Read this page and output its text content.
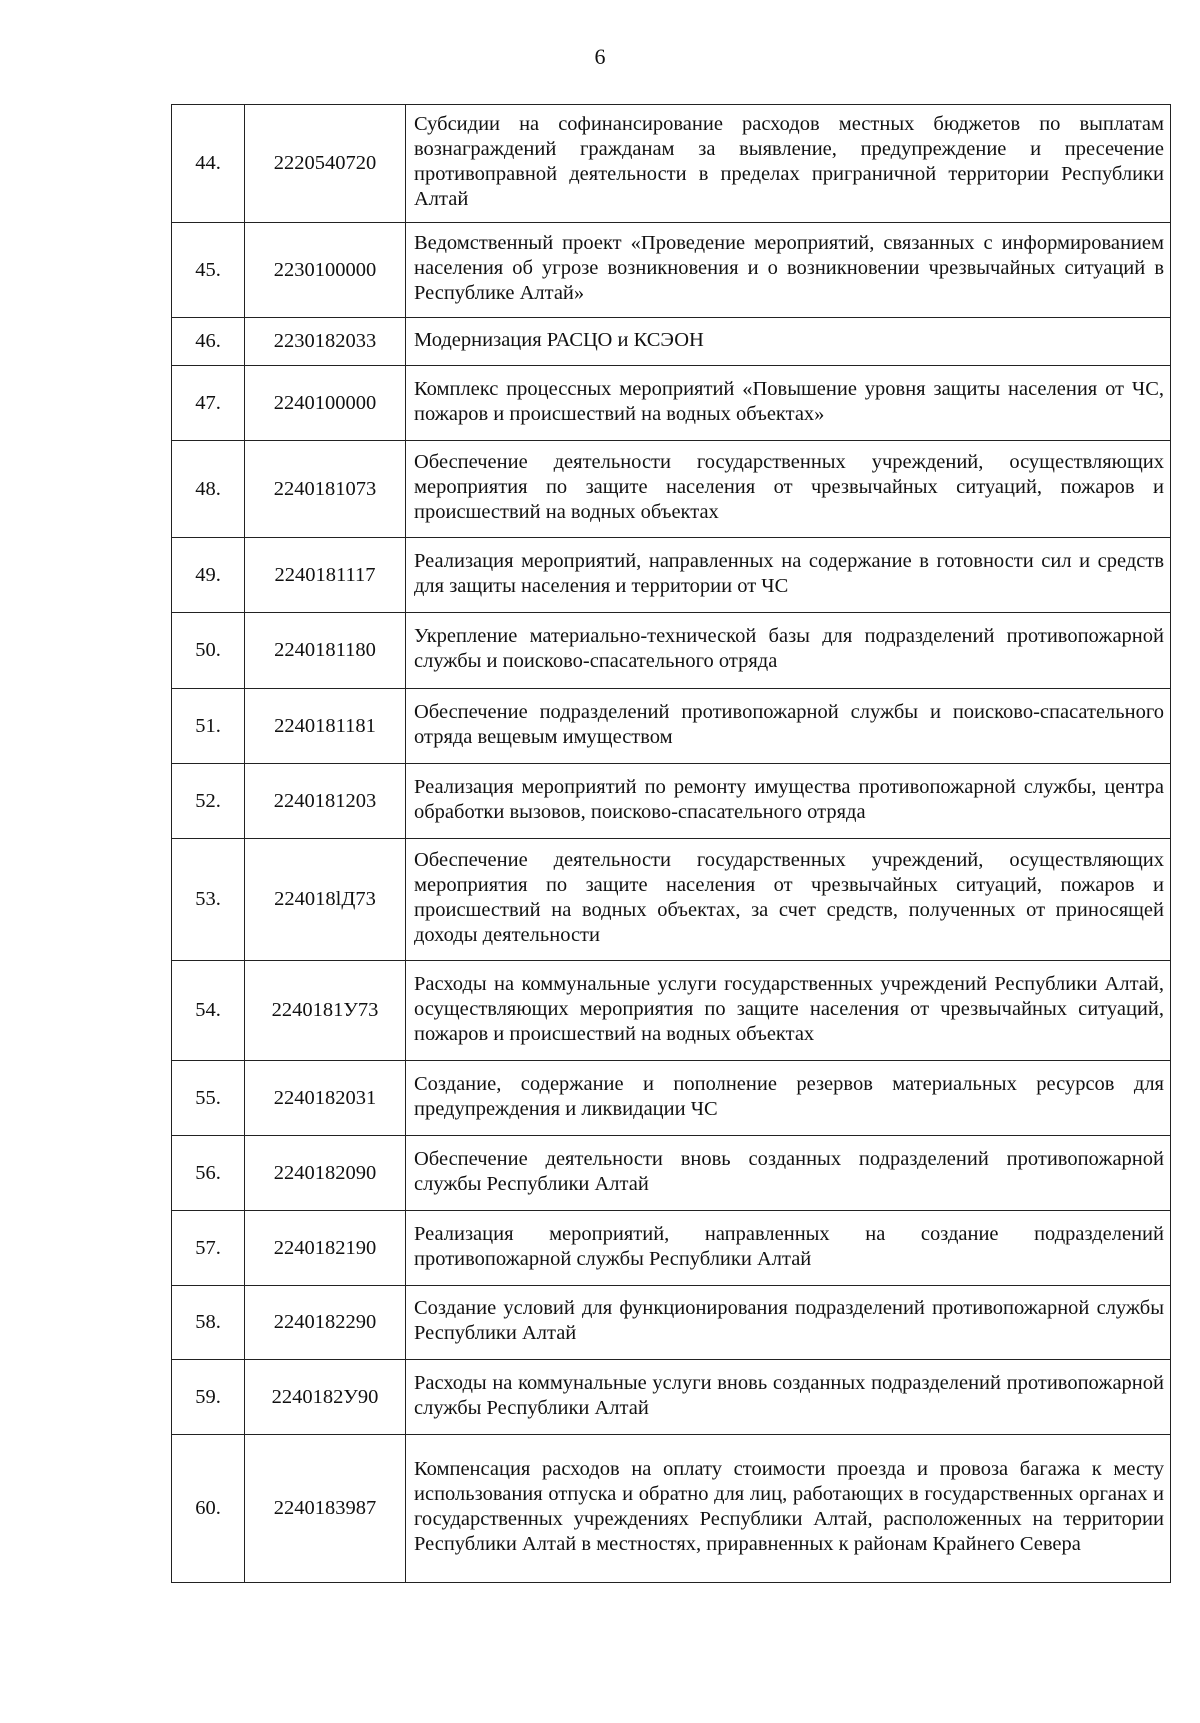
6
44.	2220540720	Субсидии на софинансирование расходов местных бюджетов по выплатам вознаграждений гражданам за выявление, предупреждение и пресечение противоправной деятельности в пределах приграничной территории Республики Алтай
45.	2230100000	Ведомственный проект «Проведение мероприятий, связанных с информированием населения об угрозе возникновения и о возникновении чрезвычайных ситуаций в Республике Алтай»
46.	2230182033	Модернизация РАСЦО и КСЭОН
47.	2240100000	Комплекс процессных мероприятий «Повышение уровня защиты населения от ЧС, пожаров и происшествий на водных объектах»
48.	2240181073	Обеспечение деятельности государственных учреждений, осуществляющих мероприятия по защите населения от чрезвычайных ситуаций, пожаров и происшествий на водных объектах
49.	2240181117	Реализация мероприятий, направленных на содержание в готовности сил и средств для защиты населения и территории от ЧС
50.	2240181180	Укрепление материально-технической базы для подразделений противопожарной службы и поисково-спасательного отряда
51.	2240181181	Обеспечение подразделений противопожарной службы и поисково-спасательного отряда вещевым имуществом
52.	2240181203	Реализация мероприятий по ремонту имущества противопожарной службы, центра обработки вызовов, поисково-спасательного отряда
53.	224018lД73	Обеспечение деятельности государственных учреждений, осуществляющих мероприятия по защите населения от чрезвычайных ситуаций, пожаров и происшествий на водных объектах, за счет средств, полученных от приносящей доходы деятельности
54.	2240181У73	Расходы на коммунальные услуги государственных учреждений Республики Алтай, осуществляющих мероприятия по защите населения от чрезвычайных ситуаций, пожаров и происшествий на водных объектах
55.	2240182031	Создание, содержание и пополнение резервов материальных ресурсов для предупреждения и ликвидации ЧС
56.	2240182090	Обеспечение деятельности вновь созданных подразделений противопожарной службы Республики Алтай
57.	2240182190	Реализация мероприятий, направленных на создание подразделений противопожарной службы Республики Алтай
58.	2240182290	Создание условий для функционирования подразделений противопожарной службы Республики Алтай
59.	2240182У90	Расходы на коммунальные услуги вновь созданных подразделений противопожарной службы Республики Алтай
60.	2240183987	Компенсация расходов на оплату стоимости проезда и провоза багажа к месту использования отпуска и обратно для лиц, работающих в государственных органах и государственных учреждениях Республики Алтай, расположенных на территории Республики Алтай в местностях, приравненных к районам Крайнего Севера
